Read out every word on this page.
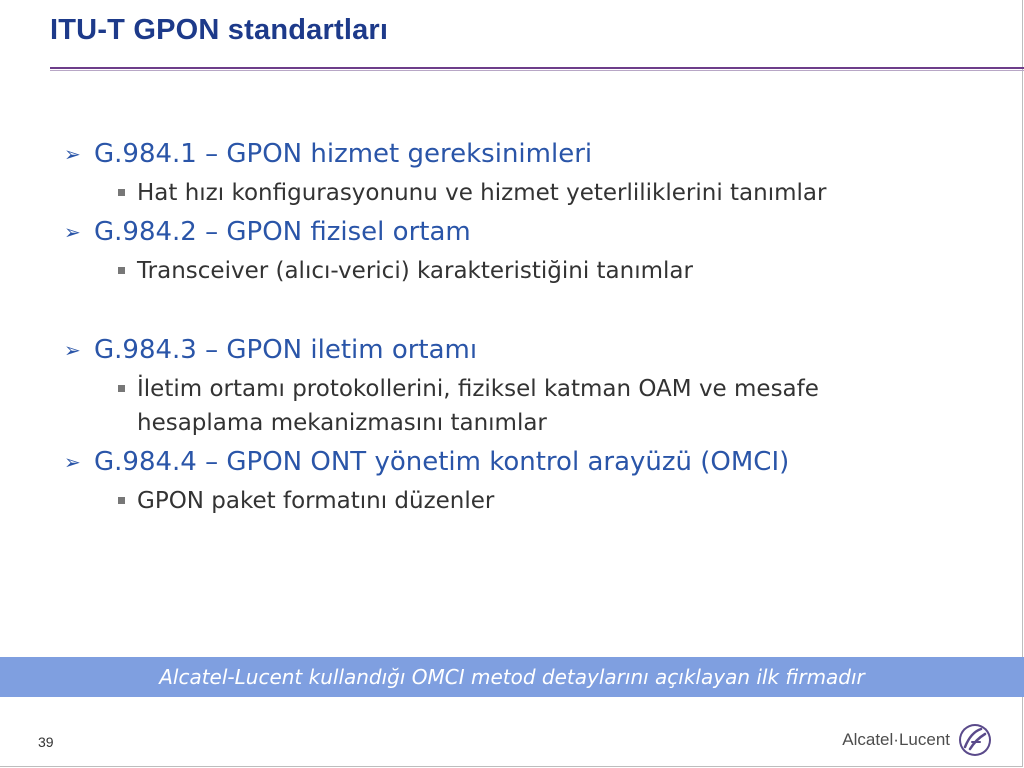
ITU-T GPON standartları
➢ G.984.1 – GPON hizmet gereksinimleri
Hat hızı konfigurasyonunu ve hizmet yeterliliklerini tanımlar
➢ G.984.2 – GPON fizisel ortam
Transceiver (alıcı-verici) karakteristiğini tanımlar
➢ G.984.3 – GPON iletim ortamı
İletim ortamı protokollerini, fiziksel katman OAM ve mesafe hesaplama mekanizmasını tanımlar
➢ G.984.4 – GPON ONT yönetim kontrol arayüzü (OMCI)
GPON paket formatını düzenler
Alcatel-Lucent kullandığı OMCI metod detaylarını açıklayan ilk firmadır
39	Alcatel·Lucent
